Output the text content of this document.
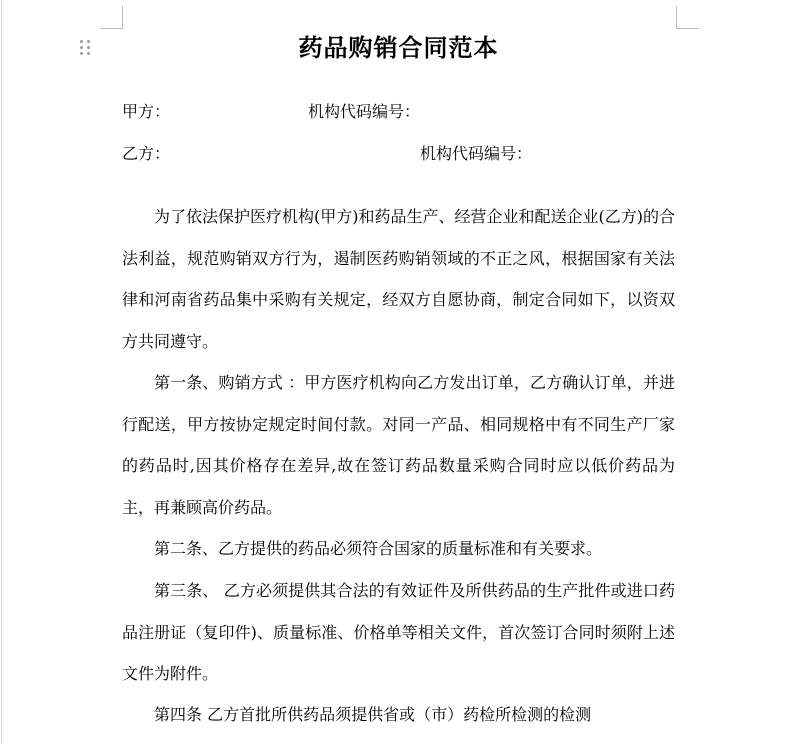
药品购销合同范本
甲方：	机构代码编号：
乙方：	机构代码编号：

为了依法保护医疗机构(甲方)和药品生产、经营企业和配送企业(乙方)的合法利益，规范购销双方行为，遏制医药购销领域的不正之风，根据国家有关法律和河南省药品集中采购有关规定，经双方自愿协商，制定合同如下，以资双方共同遵守。

第一条、购销方式 ：甲方医疗机构向乙方发出订单，乙方确认订单，并进行配送，甲方按协定规定时间付款。对同一产品、相同规格中有不同生产厂家的药品时,因其价格存在差异,故在签订药品数量采购合同时应以低价药品为主，再兼顾高价药品。

第二条、乙方提供的药品必须符合国家的质量标准和有关要求。

第三条、 乙方必须提供其合法的有效证件及所供药品的生产批件或进口药品注册证（复印件)、质量标准、价格单等相关文件，首次签订合同时须附上述文件为附件。

第四条 乙方首批所供药品须提供省或（市）药检所检测的检测
